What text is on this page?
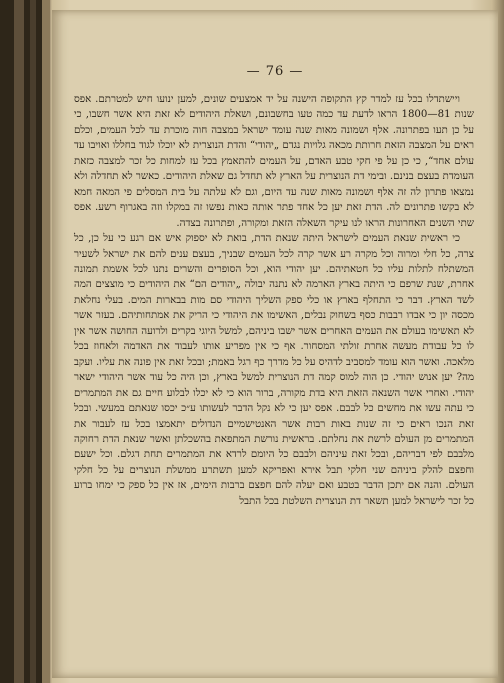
— 76 —

ויישתדלו בכל עז למדר קץ התקופה הישנה על יד אמצעים שונים, למען ינועו חיש למטרתם. אפס שנות 81—1800 הראו לדעת עד כמה טעו בחשבונם, ושאלת היהודים לא זאת היא אשר חשבו, כי על כן תעו בפתרונה. אלף ושמונה מאות שנה עומד ישראל במצבה חוה מוכרת עד לכל העמים, וכלם ראים על המצבה הזאת חרותת מכאה גלויות נגדם „יהודי“ והדת הנוצרית לא יוכלו לגוד בחללו ואויבו עד עולם אחד“, כי כן על פי חקי טבע האדם, על העמים להתאמץ בכל עז למחות כל זכר למצבה כזאת העומדת בעצם בנינם. ובימי דת הנוצרית על הארץ לא תחדל גם שאלת היהודים. כאשר לא תחדלה ולא נמצאו פתרון לה זה אלף ושמונה מאות שנה עד היום, וגם לא עלתה על בית המסלים פי המאה חמא לא בקשו פתרונים לה. הדת זאת יען כל אחד פתר אותה כאות נפשו זה במקלו וזה באגרוף רשע. אפס שתי השנים האחרונות הראו לנו עיקר השאלה הזאת ומקורה, ופתרונה בצדה.

כי ראשית שנאת העמים לישראל היתה שנאת הדת, בואת לא יספוק איש אם רגע כי על כן, כל צרה, כל חלי ומרוה וכל מקרה רע אשר קרה לכל העמים שבניך, בעצם ענים להם את ישראל לשעיר המשתלח לתלות עליו כל חטאתיהם. יען יהודי הוא, וכל הסופרים והשרים נתנו לכל אשמת תמונה אחרת, שנת שרפם כי היתה בארץ הארמה לא נתנה יבולה „יהודים הם“ את היהודים כי מוצצים המה לשד הארץ. דבר כי התחלף בארץ או כלי ספק השליך היהודי סם מות בבארות המים. בעלי נחלאת מכסה יון כי אבדו רבבות כסף בשחוק נבלים, האשימו את היהודי כי הריק את אמתחותיהם. בעזר אשר לא תאשימו בעולם את העמים האחרים אשר ישבו ביניהם, למשל היוגי בקרים ולרועה החושה אשר אין לו כל עבודת מעשה אחרת זולתי המסחור. אף כי אין מפריע אותו לעבוד את האדמה ולאחוז בכל מלאכה. ואשר הוא עומד למסביב לדהיס על כל מדרך כף רגל באמת; ובכל זאת אין פונה את עליו. ועקב מה? יען אנוש יהודי. כן הוה למוס קמה דת הנוצרית למשל בארץ, וכן היה כל עוד אשר היהודי ישאר יהודי. ואחרי אשר השנאה הזאת היא בדת מקורה, ברור הוא כי לא יכלו לבלוע חיים גם את המתמרים כי עתה עשו את מחשים כל לבבם. אפס יען כי לא נקל הדבר לעשותו ע״כ יכסו שנאתם במעשי. ובכל זאת הנכו ראים כי זה שנות באות רבות אשר האנטישמיים הנדולים יתאמצו בכל עז לעבור את המתמרים מן העולם לרשת את נחלתם. בראשית נורשת המתפאת בהשכלתן ואשר שנאת הדת רחוקה מלבבם לפי דבריהם, ובכל זאת עיניהם ולבבם כל היומם לרדא את המתמרים תחת דגלם. וכל ישעם וחפצם להלק ביניהם שני חלקי תבל אירא ואפריקא למען תשתרע ממשלת הנוצרים על כל חלקי העולם. והנה אם יתכן הדבר בטבע ואם יעלה להם חפצם ברבות הימים, אז אין כל ספק כי ימחו ברוע כל זכר לישראל למען תשאר דת הנוצרית השלטת בכל התבל
